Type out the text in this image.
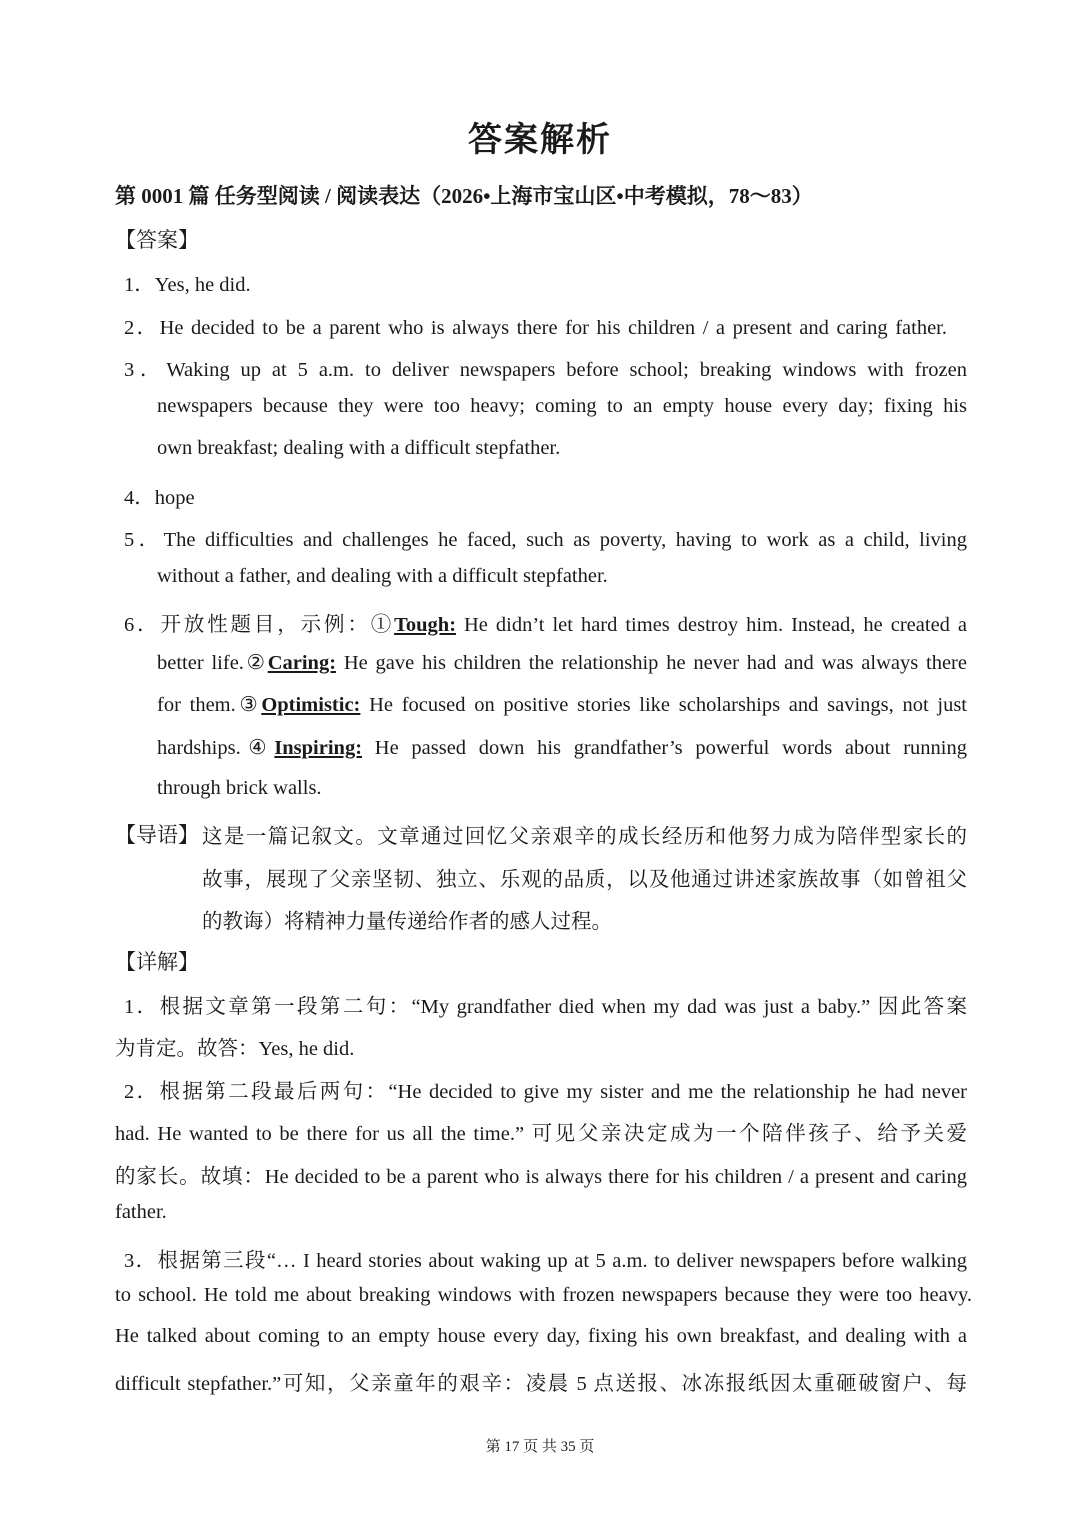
答案解析
第 0001 篇 任务型阅读 / 阅读表达（2026•上海市宝山区•中考模拟，78～83）
【答案】
1．Yes, he did.
2．He decided to be a parent who is always there for his children / a present and caring father.
3．Waking up at 5 a.m. to deliver newspapers before school; breaking windows with frozen
newspapers because they were too heavy; coming to an empty house every day; fixing his
own breakfast; dealing with a difficult stepfather.
4．hope
5．The difficulties and challenges he faced, such as poverty, having to work as a child, living
without a father, and dealing with a difficult stepfather.
6．开放性题目，示例：①Tough: He didn’t let hard times destroy him. Instead, he created a
better life.②Caring: He gave his children the relationship he never had and was always there
for them.③Optimistic: He focused on positive stories like scholarships and savings, not just
hardships.④Inspiring: He passed down his grandfather’s powerful words about running
through brick walls.
【导语】 这是一篇记叙文。文章通过回忆父亲艰辛的成长经历和他努力成为陪伴型家长的
故事，展现了父亲坚韧、独立、乐观的品质，以及他通过讲述家族故事（如曾祖父
的教诲）将精神力量传递给作者的感人过程。
【详解】
1．根据文章第一段第二句：“My grandfather died when my dad was just a baby.” 因此答案
为肯定。故答：Yes, he did.
2．根据第二段最后两句：“He decided to give my sister and me the relationship he had never
had. He wanted to be there for us all the time.” 可见父亲决定成为一个陪伴孩子、给予关爱
的家长。故填：He decided to be a parent who is always there for his children / a present and caring
father.
3．根据第三段“… I heard stories about waking up at 5 a.m. to deliver newspapers before walking
to school. He told me about breaking windows with frozen newspapers because they were too heavy.
He talked about coming to an empty house every day, fixing his own breakfast, and dealing with a
difficult stepfather.”可知，父亲童年的艰辛：凌晨 5 点送报、冰冻报纸因太重砸破窗户、每
第 17 页 共 35 页
